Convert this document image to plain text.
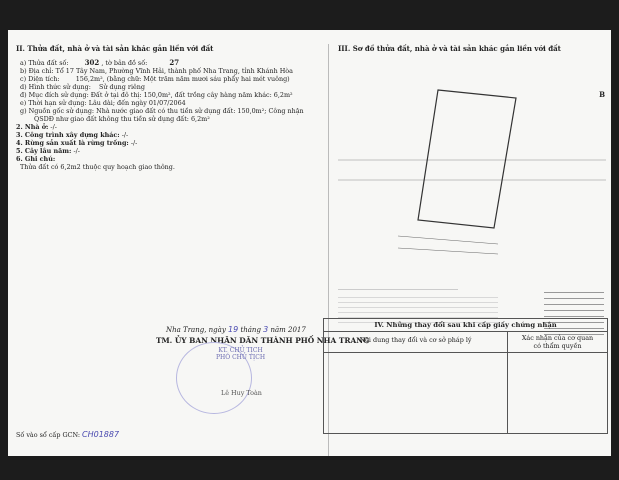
II. Thửa đất, nhà ở và tài sản khác gắn liền với đất
a) Thửa đất số: 302 , tờ bản đồ số:	27
b) Địa chỉ: Tổ 17 Tây Nam, Phường Vĩnh Hải, thành phố Nha Trang, tỉnh Khánh Hòa
c) Diện tích:	156,2m², (bằng chữ: Một trăm năm mươi sáu phẩy hai mét vuông)
d) Hình thức sử dụng: Sử dụng riêng
đ) Mục đích sử dụng: Đất ở tại đô thị: 150,0m², đất trồng cây hàng năm khác: 6,2m²
e) Thời hạn sử dụng: Lâu dài; đến ngày 01/07/2064
g) Nguồn gốc sử dụng: Nhà nước giao đất có thu tiền sử dụng đất: 150,0m²; Công nhận
QSDĐ như giao đất không thu tiền sử dụng đất: 6,2m²
2. Nhà ở: -/-
3. Công trình xây dựng khác: -/-
4. Rừng sản xuất là rừng trồng: -/-
5. Cây lâu năm: -/-
6. Ghi chú:
Thửa đất có 6,2m2 thuộc quy hoạch giao thông.
III. Sơ đồ thửa đất, nhà ở và tài sản khác gắn liền với đất
B
Nha Trang, ngày 19 tháng 3 năm 2017
TM. ỦY BAN NHÂN DÂN THÀNH PHỐ NHA TRANG
KT. CHỦ TỊCH
PHÓ CHỦ TỊCH
Lê Huy Toàn
Số vào sổ cấp GCN: CH01887
IV. Những thay đổi sau khi cấp giấy chứng nhận
Nội dung thay đổi và cơ sở pháp lý	Xác nhận của cơ quan
có thẩm quyền
